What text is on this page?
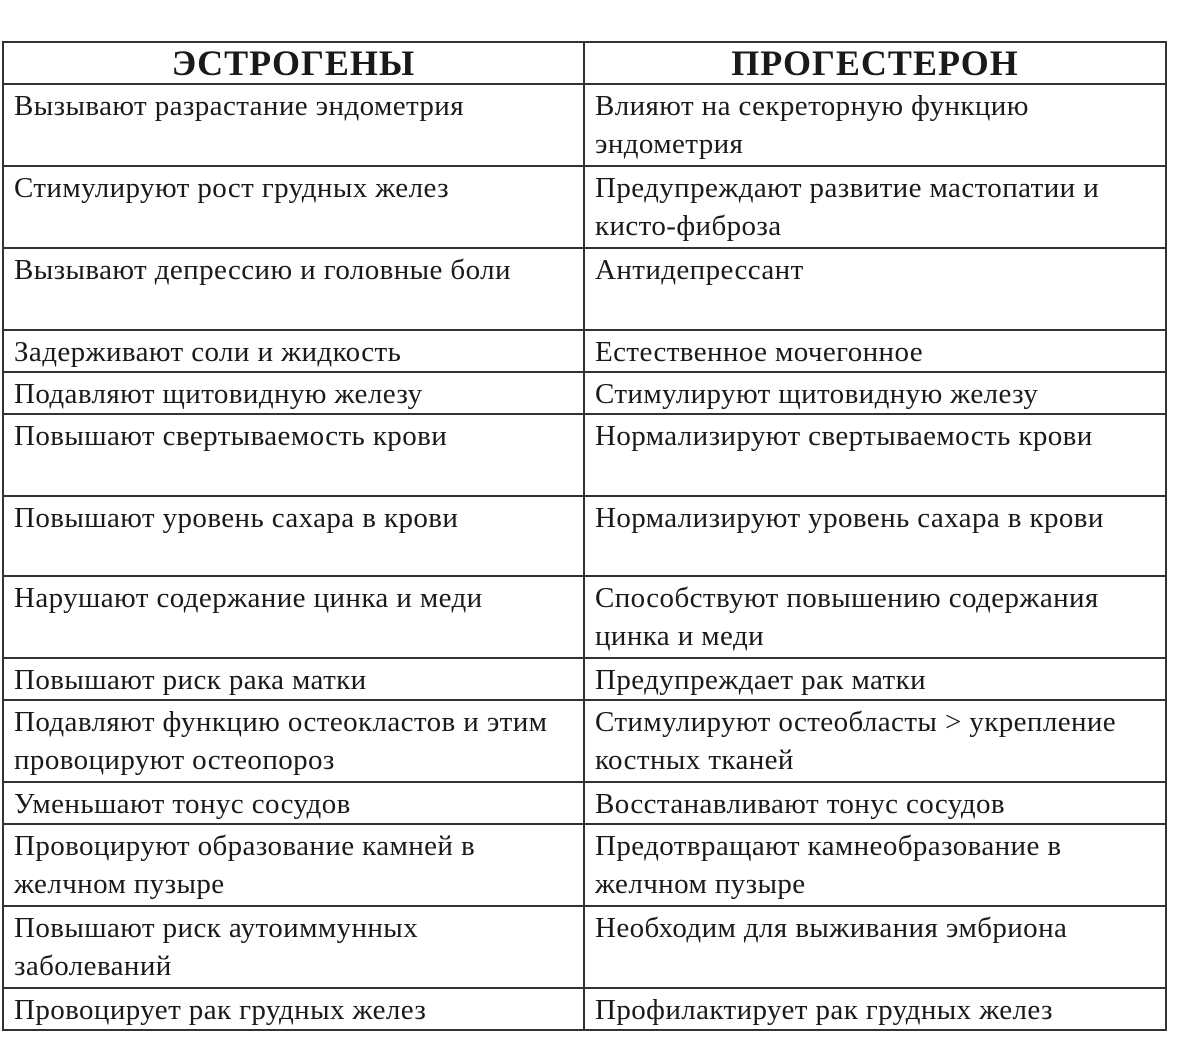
ЭСТРОГЕНЫ	ПРОГЕСТЕРОН
Вызывают разрастание эндометрия	Влияют на секреторную функцию эндометрия
Стимулируют рост грудных желез	Предупреждают развитие мастопатии и кисто-фиброза
Вызывают депрессию и головные боли	Антидепрессант
Задерживают соли и жидкость	Естественное мочегонное
Подавляют щитовидную железу	Стимулируют щитовидную железу
Повышают свертываемость крови	Нормализируют свертываемость крови
Повышают уровень сахара в крови	Нормализируют уровень сахара в крови
Нарушают содержание цинка и меди	Способствуют повышению содержания цинка и меди
Повышают риск рака матки	Предупреждает рак матки
Подавляют функцию остеокластов и этим провоцируют остеопороз	Стимулируют остеобласты > укрепление костных тканей
Уменьшают тонус сосудов	Восстанавливают тонус сосудов
Провоцируют образование камней в желчном пузыре	Предотвращают камнеобразование в желчном пузыре
Повышают риск аутоиммунных заболеваний	Необходим для выживания эмбриона
Провоцирует рак грудных желез	Профилактирует рак грудных желез
